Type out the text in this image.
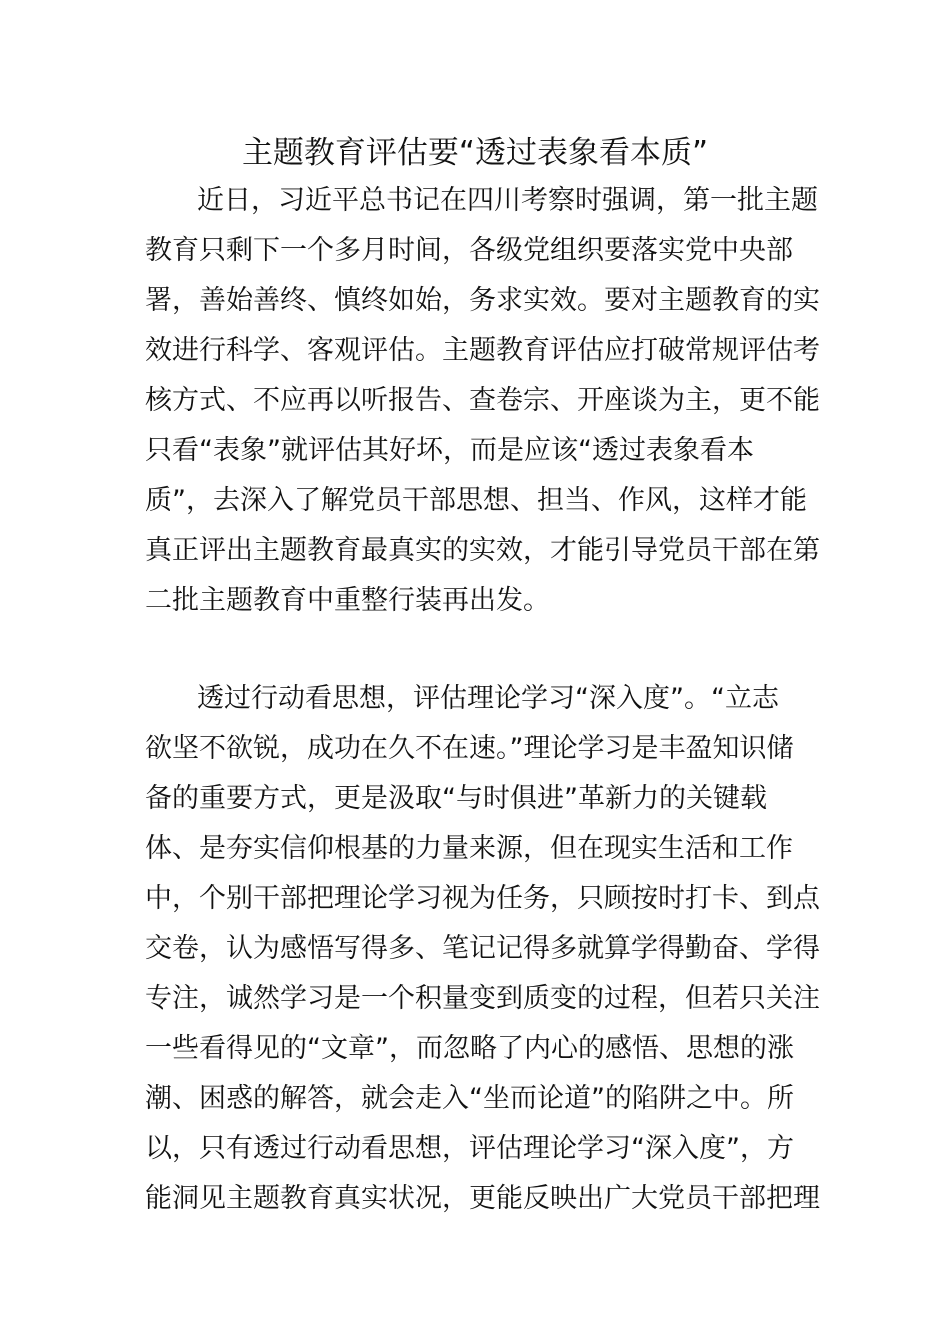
主题教育评估要“透过表象看本质”
近日，习近平总书记在四川考察时强调，第一批主题
教育只剩下一个多月时间，各级党组织要落实党中央部
署，善始善终、慎终如始，务求实效。要对主题教育的实
效进行科学、客观评估。主题教育评估应打破常规评估考
核方式、不应再以听报告、查卷宗、开座谈为主，更不能
只看“表象”就评估其好坏，而是应该“透过表象看本
质”，去深入了解党员干部思想、担当、作风，这样才能
真正评出主题教育最真实的实效，才能引导党员干部在第
二批主题教育中重整行装再出发。
透过行动看思想，评估理论学习“深入度”。“立志
欲坚不欲锐，成功在久不在速。”理论学习是丰盈知识储
备的重要方式，更是汲取“与时俱进”革新力的关键载
体、是夯实信仰根基的力量来源，但在现实生活和工作
中，个别干部把理论学习视为任务，只顾按时打卡、到点
交卷，认为感悟写得多、笔记记得多就算学得勤奋、学得
专注，诚然学习是一个积量变到质变的过程，但若只关注
一些看得见的“文章”，而忽略了内心的感悟、思想的涨
潮、困惑的解答，就会走入“坐而论道”的陷阱之中。所
以，只有透过行动看思想，评估理论学习“深入度”，方
能洞见主题教育真实状况，更能反映出广大党员干部把理
